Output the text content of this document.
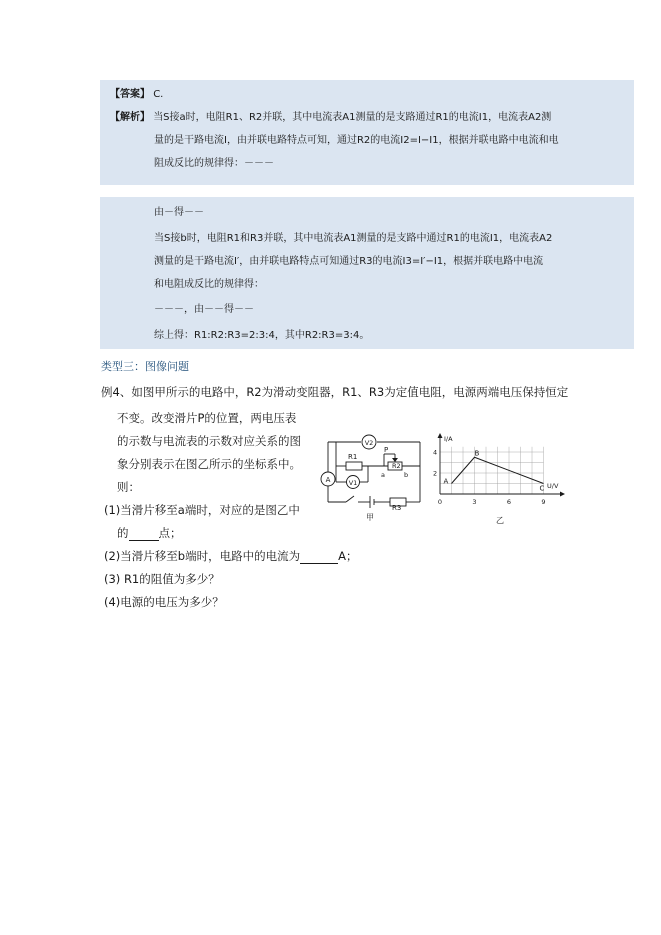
【答案】 C.
【解析】 当S接a时，电阻R1、R2并联，其中电流表A1测量的是支路通过R1的电流I1，电流表A2测
量的是干路电流I，由并联电路特点可知，通过R2的电流I2=I−I1，根据并联电路中电流和电
阻成反比的规律得：－－－
由－得－－
当S接b时，电阻R1和R3并联，其中电流表A1测量的是支路中通过R1的电流I1，电流表A2
测量的是干路电流I′，由并联电路特点可知通过R3的电流I3=I′−I1，根据并联电路中电流
和电阻成反比的规律得：
－－－，由－－得－－
综上得：R1:R2:R3=2:3:4，其中R2:R3=3:4。
类型三：图像问题
例4、如图甲所示的电路中，R2为滑动变阻器，R1、R3为定值电阻，电源两端电压保持恒定
不变。改变滑片P的位置，两电压表
的示数与电流表的示数对应关系的图
象分别表示在图乙所示的坐标系中。
则：
(1)当滑片移至a端时，对应的是图乙中
的	点；
(2)当滑片移至b端时，电路中的电流为	A；
(3) R1的阻值为多少？
(4)电源的电压为多少？
V2
V1
A
R1
R2
R3
P
a	b
甲
I/A
U/V
4
2
0	3	6	9
A
B
C
乙
